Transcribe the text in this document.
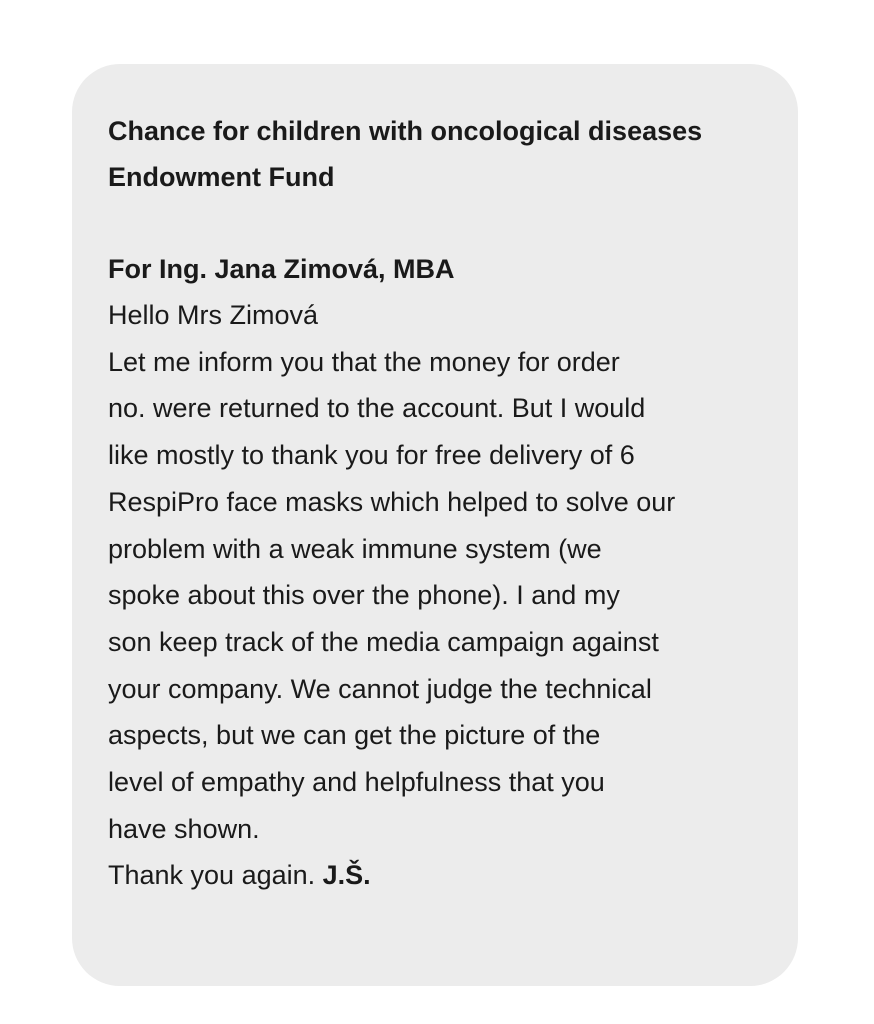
Chance for children with oncological diseases
Endowment Fund
For Ing. Jana Zimová, MBA
Hello Mrs Zimová
Let me inform you that the money for order
no. were returned to the account. But I would
like mostly to thank you for free delivery of 6
RespiPro face masks which helped to solve our
problem with a weak immune system (we
spoke about this over the phone). I and my
son keep track of the media campaign against
your company. We cannot judge the technical
aspects, but we can get the picture of the
level of empathy and helpfulness that you
have shown.
Thank you again. J.Š.
